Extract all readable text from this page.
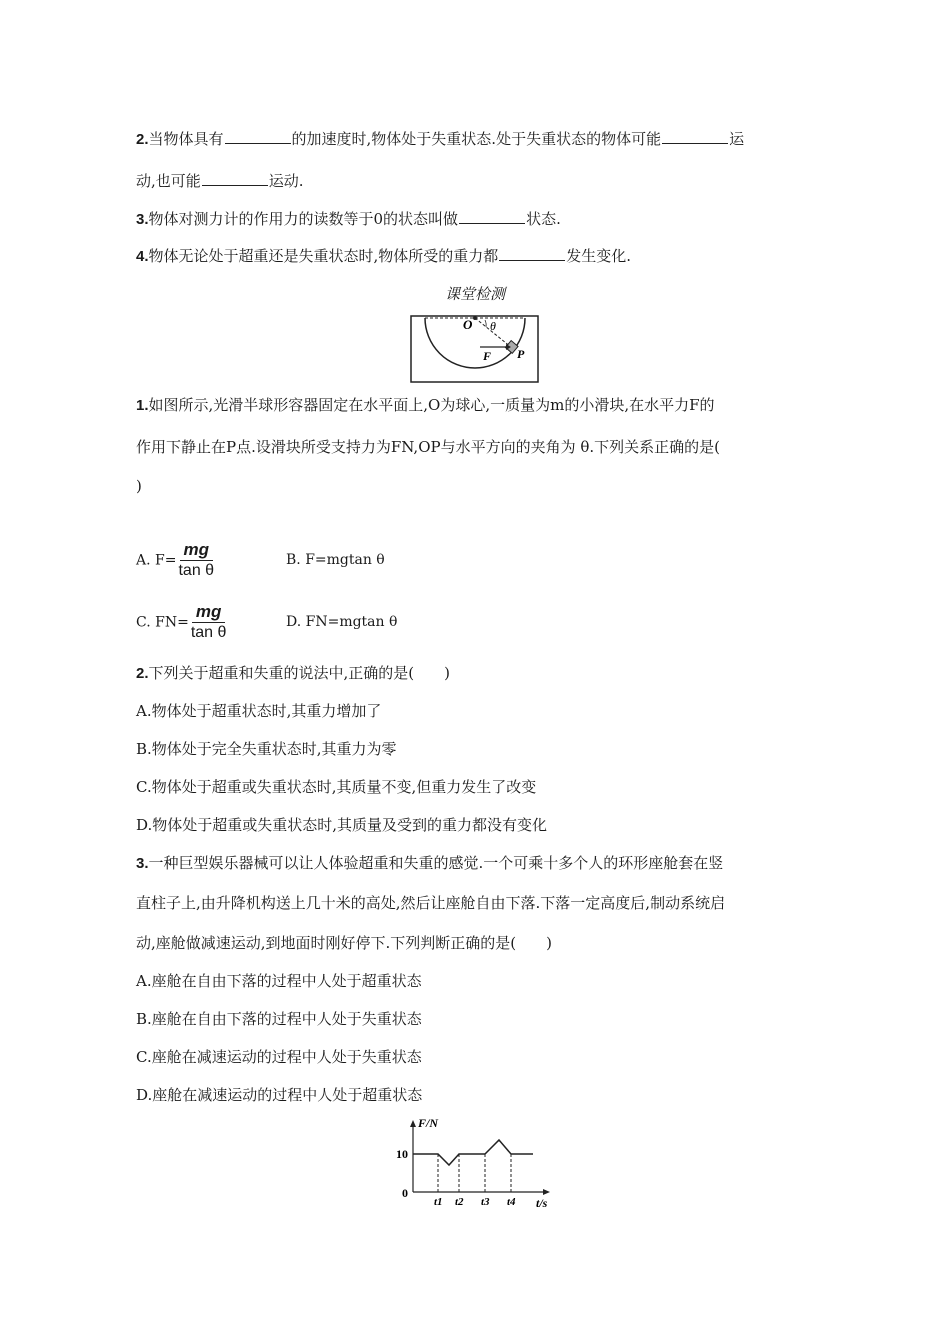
2.当物体具有	的加速度时,物体处于失重状态.处于失重状态的物体可能	运
动,也可能	运动.
3.物体对测力计的作用力的读数等于0的状态叫做	状态.
4.物体无论处于超重还是失重状态时,物体所受的重力都	发生变化.
课堂检测
O θ
F P
1.如图所示,光滑半球形容器固定在水平面上,O为球心,一质量为m的小滑块,在水平力F的
作用下静止在P点.设滑块所受支持力为FN,OP与水平方向的夹角为 θ.下列关系正确的是(
)
A. $F= \frac{mg}{\text{tan θ}}$	B. F=mgtan θ
C. $FN= \frac{mg}{\text{tan θ}}$	D. FN=mgtan θ
2.下列关于超重和失重的说法中,正确的是(　　)
A.物体处于超重状态时,其重力增加了
B.物体处于完全失重状态时,其重力为零
C.物体处于超重或失重状态时,其质量不变,但重力发生了改变
D.物体处于超重或失重状态时,其质量及受到的重力都没有变化
3.一种巨型娱乐器械可以让人体验超重和失重的感觉.一个可乘十多个人的环形座舱套在竖
直柱子上,由升降机构送上几十米的高处,然后让座舱自由下落.下落一定高度后,制动系统启
动,座舱做减速运动,到地面时刚好停下.下列判断正确的是(　　)
A.座舱在自由下落的过程中人处于超重状态
B.座舱在自由下落的过程中人处于失重状态
C.座舱在减速运动的过程中人处于失重状态
D.座舱在减速运动的过程中人处于超重状态
F/N
10
0
t1 t2 t3 t4 t/s
